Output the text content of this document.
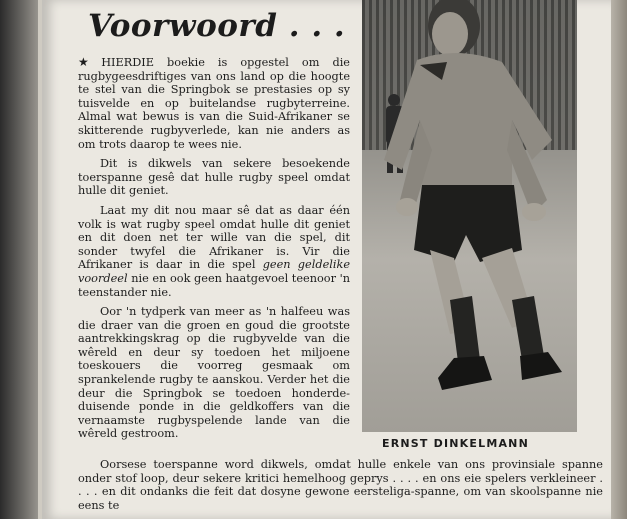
Voorwoord . . .

★ HIERDIE boekie is opgestel om die rugbygeesdriftiges van ons land op die hoogte te stel van die Springbok se prestasies op sy tuisvelde en op buitelandse rugbyterreine. Almal wat bewus is van die Suid-Afrikaner se skitterende rugbyverlede, kan nie anders as om trots daarop te wees nie.

Dit is dikwels van sekere besoekende toerspanne gesê dat hulle rugby speel omdat hulle dit geniet.

Laat my dit nou maar sê dat as daar één volk is wat rugby speel omdat hulle dit geniet en dit doen net ter wille van die spel, dit sonder twyfel die Afrikaner is. Vir die Afrikaner is daar in die spel geen geldelike voordeel nie en ook geen haatgevoel teenoor 'n teenstander nie.

Oor 'n tydperk van meer as 'n halfeeu was die draer van die groen en goud die grootste aantrekkingskrag op die rugbyvelde van die wêreld en deur sy toedoen het miljoene toeskouers die voorreg gesmaak om sprankelende rugby te aanskou. Verder het die deur die Springbok se toedoen honderde-duisende ponde in die geldkoffers van die vernaamste rugbyspelende lande van die wêreld gestroom.

ERNST DINKELMANN

Oorsese toerspanne word dikwels, omdat hulle enkele van ons provinsiale spanne onder stof loop, deur sekere kritici hemelhoog geprys . . . . en ons eie spelers verkleineer . . . . en dit ondanks die feit dat dosyne gewone eersteliga-spanne, om van skoolspanne nie eens te
